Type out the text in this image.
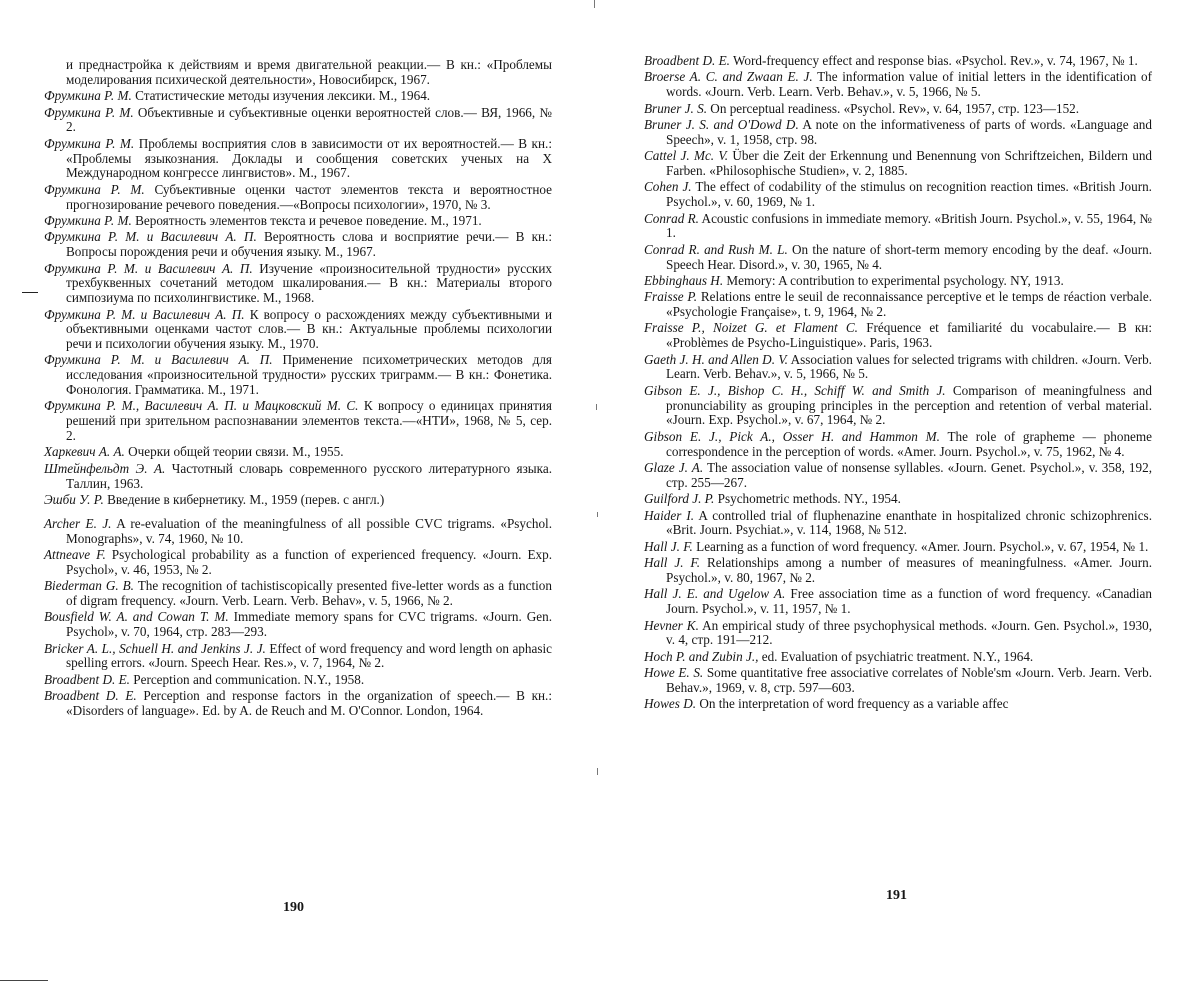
и преднастройка к действиям и время двигательной реакции.— В кн.: «Проблемы моделирования психической деятельности», Новосибирск, 1967.

Фрумкина Р. М. Статистические методы изучения лексики. М., 1964.

Фрумкина Р. М. Объективные и субъективные оценки вероятностей слов.— ВЯ, 1966, № 2.

Фрумкина Р. М. Проблемы восприятия слов в зависимости от их вероятностей.— В кн.: «Проблемы языкознания. Доклады и сообщения советских ученых на X Международном конгрессе лингвистов». М., 1967.

Фрумкина Р. М. Субъективные оценки частот элементов текста и вероятностное прогнозирование речевого поведения.—«Вопросы психологии», 1970, № 3.

Фрумкина Р. М. Вероятность элементов текста и речевое поведение. М., 1971.

Фрумкина Р. М. и Василевич А. П. Вероятность слова и восприятие речи.— В кн.: Вопросы порождения речи и обучения языку. М., 1967.

Фрумкина Р. М. и Василевич А. П. Изучение «произносительной трудности» русских трехбуквенных сочетаний методом шкалирования.— В кн.: Материалы второго симпозиума по психолингвистике. М., 1968.

Фрумкина Р. М. и Василевич А. П. К вопросу о расхождениях между субъективными и объективными оценками частот слов.— В кн.: Актуальные проблемы психологии речи и психологии обучения языку. М., 1970.

Фрумкина Р. М. и Василевич А. П. Применение психометрических методов для исследования «произносительной трудности» русских триграмм.— В кн.: Фонетика. Фонология. Грамматика. М., 1971.

Фрумкина Р. М., Василевич А. П. и Мацковский М. С. К вопросу о единицах принятия решений при зрительном распознавании элементов текста.—«НТИ», 1968, № 5, сер. 2.

Харкевич А. А. Очерки общей теории связи. М., 1955.

Штейнфельдт Э. А. Частотный словарь современного русского литературного языка. Таллин, 1963.

Эшби У. Р. Введение в кибернетику. М., 1959 (перев. с англ.)

Archer E. J. A re-evaluation of the meaningfulness of all possible CVC trigrams. «Psychol. Monographs», v. 74, 1960, № 10.

Attneave F. Psychological probability as a function of experienced frequency. «Journ. Exp. Psychol», v. 46, 1953, № 2.

Biederman G. B. The recognition of tachistiscopically presented five-letter words as a function of digram frequency. «Journ. Verb. Learn. Verb. Behav», v. 5, 1966, № 2.

Bousfield W. A. and Cowan T. M. Immediate memory spans for CVC trigrams. «Journ. Gen. Psychol», v. 70, 1964, стр. 283—293.

Bricker A. L., Schuell H. and Jenkins J. J. Effect of word frequency and word length on aphasic spelling errors. «Journ. Speech Hear. Res.», v. 7, 1964, № 2.

Broadbent D. E. Perception and communication. N.Y., 1958.

Broadbent D. E. Perception and response factors in the organization of speech.— В кн.: «Disorders of language». Ed. by A. de Reuch and M. O'Connor. London, 1964.

190

Broadbent D. E. Word-frequency effect and response bias. «Psychol. Rev.», v. 74, 1967, № 1.

Broerse A. C. and Zwaan E. J. The information value of initial letters in the identification of words. «Journ. Verb. Learn. Verb. Behav.», v. 5, 1966, № 5.

Bruner J. S. On perceptual readiness. «Psychol. Rev», v. 64, 1957, стр. 123—152.

Bruner J. S. and O'Dowd D. A note on the informativeness of parts of words. «Language and Speech», v. 1, 1958, стр. 98.

Cattel J. Mc. V. Über die Zeit der Erkennung und Benennung von Schriftzeichen, Bildern und Farben. «Philosophische Studien», v. 2, 1885.

Cohen J. The effect of codability of the stimulus on recognition reaction times. «British Journ. Psychol.», v. 60, 1969, № 1.

Conrad R. Acoustic confusions in immediate memory. «British Journ. Psychol.», v. 55, 1964, № 1.

Conrad R. and Rush M. L. On the nature of short-term memory encoding by the deaf. «Journ. Speech Hear. Disord.», v. 30, 1965, № 4.

Ebbinghaus H. Memory: A contribution to experimental psychology. NY, 1913.

Fraisse P. Relations entre le seuil de reconnaissance perceptive et le temps de réaction verbale. «Psychologie Française», t. 9, 1964, № 2.

Fraisse P., Noizet G. et Flament C. Fréquence et familiarité du vocabulaire.— В кн: «Problèmes de Psycho-Linguistique». Paris, 1963.

Gaeth J. H. and Allen D. V. Association values for selected trigrams with children. «Journ. Verb. Learn. Verb. Behav.», v. 5, 1966, № 5.

Gibson E. J., Bishop C. H., Schiff W. and Smith J. Comparison of meaningfulness and pronunciability as grouping principles in the perception and retention of verbal material. «Journ. Exp. Psychol.», v. 67, 1964, № 2.

Gibson E. J., Pick A., Osser H. and Hammon M. The role of grapheme — phoneme correspondence in the perception of words. «Amer. Journ. Psychol.», v. 75, 1962, № 4.

Glaze J. A. The association value of nonsense syllables. «Journ. Genet. Psychol.», v. 358, 192, стр. 255—267.

Guilford J. P. Psychometric methods. NY., 1954.

Haider I. A controlled trial of fluphenazine enanthate in hospitalized chronic schizophrenics. «Brit. Journ. Psychiat.», v. 114, 1968, № 512.

Hall J. F. Learning as a function of word frequency. «Amer. Journ. Psychol.», v. 67, 1954, № 1.

Hall J. F. Relationships among a number of measures of meaningfulness. «Amer. Journ. Psychol.», v. 80, 1967, № 2.

Hall J. E. and Ugelow A. Free association time as a function of word frequency. «Canadian Journ. Psychol.», v. 11, 1957, № 1.

Hevner K. An empirical study of three psychophysical methods. «Journ. Gen. Psychol.», 1930, v. 4, стр. 191—212.

Hoch P. and Zubin J., ed. Evaluation of psychiatric treatment. N.Y., 1964.

Howe E. S. Some quantitative free associative correlates of Noble'sm «Journ. Verb. Jearn. Verb. Behav.», 1969, v. 8, стр. 597—603.

Howes D. On the interpretation of word frequency as a variable affec

191
